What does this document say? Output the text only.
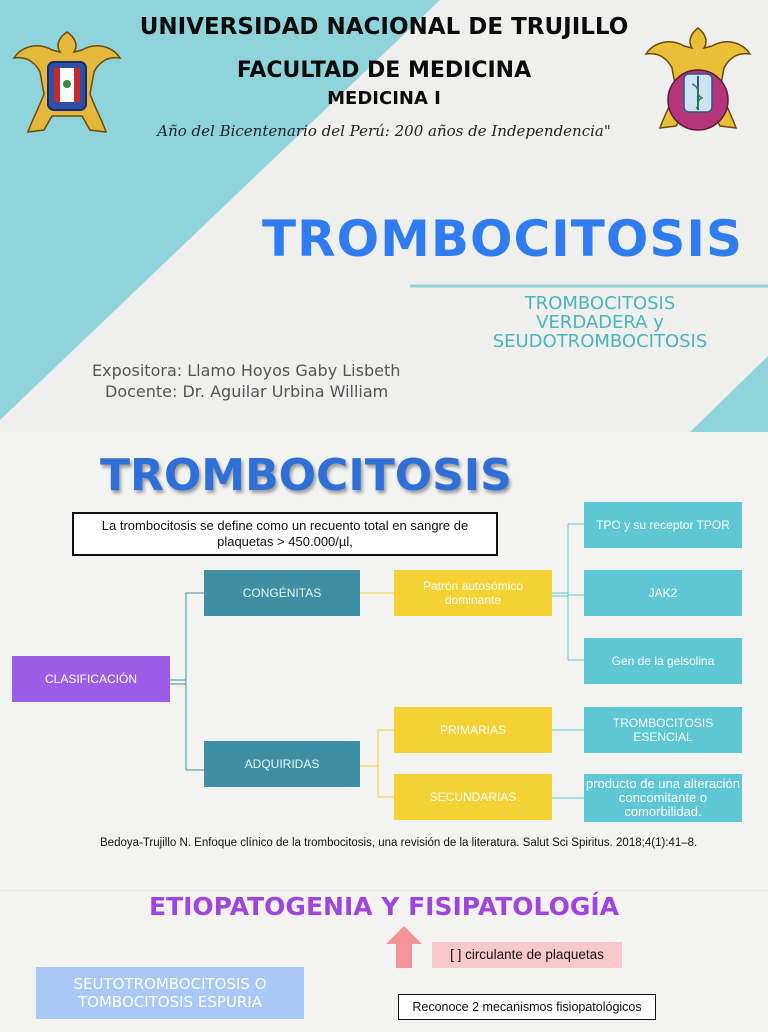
UNIVERSIDAD NACIONAL DE TRUJILLO
FACULTAD DE MEDICINA
MEDICINA I
Año del Bicentenario del Perú: 200 años de Independencia"
TROMBOCITOSIS
TROMBOCITOSIS
VERDADERA y
SEUDOTROMBOCITOSIS
Expositora: Llamo Hoyos Gaby Lisbeth
Docente: Dr. Aguilar Urbina William
TROMBOCITOSIS
La trombocitosis se define como un recuento total en sangre de plaquetas > 450.000/µl,
CLASIFICACIÓN
CONGÉNITAS
ADQUIRIDAS
Patrón autosómico dominante
PRIMARIAS
SECUNDARIAS
TPO y su receptor TPOR
JAK2
Gen de la gelsolina
TROMBOCITOSIS ESENCIAL
producto de una alteración concomitante o comorbilidad.
Bedoya-Trujillo N. Enfoque clínico de la trombocitosis, una revisión de la literatura. Salut Sci Spiritus. 2018;4(1):41–8.
ETIOPATOGENIA Y FISIPATOLOGÍA
[ ] circulante de plaquetas
SEUTOTROMBOCITOSIS O TOMBOCITOSIS ESPURIA	Reconoce 2 mecanismos fisiopatológicos
